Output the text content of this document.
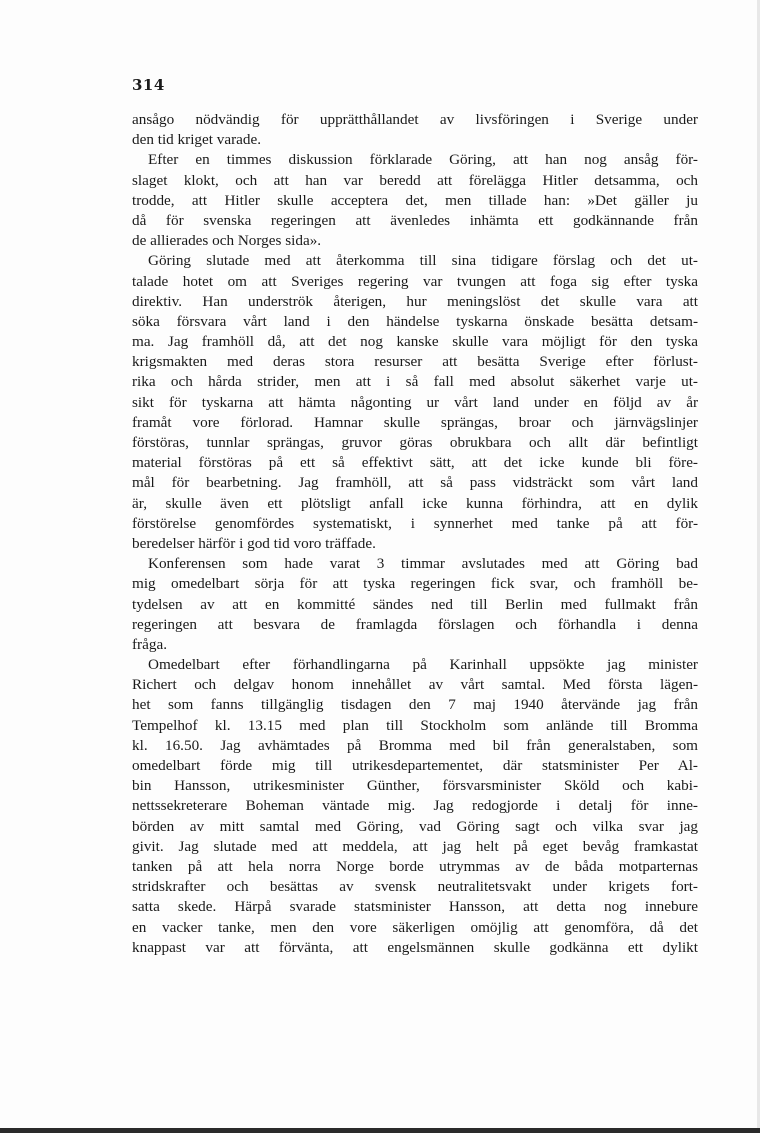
314
ansågo nödvändig för upprätthållandet av livsföringen i Sverige under
den tid kriget varade.
Efter en timmes diskussion förklarade Göring, att han nog ansåg för-
slaget klokt, och att han var beredd att förelägga Hitler detsamma, och
trodde, att Hitler skulle acceptera det, men tillade han: »Det gäller ju
då för svenska regeringen att ävenledes inhämta ett godkännande från
de allierades och Norges sida».
Göring slutade med att återkomma till sina tidigare förslag och det ut-
talade hotet om att Sveriges regering var tvungen att foga sig efter tyska
direktiv. Han underströk återigen, hur meningslöst det skulle vara att
söka försvara vårt land i den händelse tyskarna önskade besätta detsam-
ma. Jag framhöll då, att det nog kanske skulle vara möjligt för den tyska
krigsmakten med deras stora resurser att besätta Sverige efter förlust-
rika och hårda strider, men att i så fall med absolut säkerhet varje ut-
sikt för tyskarna att hämta någonting ur vårt land under en följd av år
framåt vore förlorad. Hamnar skulle sprängas, broar och järnvägslinjer
förstöras, tunnlar sprängas, gruvor göras obrukbara och allt där befintligt
material förstöras på ett så effektivt sätt, att det icke kunde bli före-
mål för bearbetning. Jag framhöll, att så pass vidsträckt som vårt land
är, skulle även ett plötsligt anfall icke kunna förhindra, att en dylik
förstörelse genomfördes systematiskt, i synnerhet med tanke på att för-
beredelser härför i god tid voro träffade.
Konferensen som hade varat 3 timmar avslutades med att Göring bad
mig omedelbart sörja för att tyska regeringen fick svar, och framhöll be-
tydelsen av att en kommitté sändes ned till Berlin med fullmakt från
regeringen att besvara de framlagda förslagen och förhandla i denna
fråga.
Omedelbart efter förhandlingarna på Karinhall uppsökte jag minister
Richert och delgav honom innehållet av vårt samtal. Med första lägen-
het som fanns tillgänglig tisdagen den 7 maj 1940 återvände jag från
Tempelhof kl. 13.15 med plan till Stockholm som anlände till Bromma
kl. 16.50. Jag avhämtades på Bromma med bil från generalstaben, som
omedelbart förde mig till utrikesdepartementet, där statsminister Per Al-
bin Hansson, utrikesminister Günther, försvarsminister Sköld och kabi-
nettssekreterare Boheman väntade mig. Jag redogjorde i detalj för inne-
börden av mitt samtal med Göring, vad Göring sagt och vilka svar jag
givit. Jag slutade med att meddela, att jag helt på eget bevåg framkastat
tanken på att hela norra Norge borde utrymmas av de båda motparternas
stridskrafter och besättas av svensk neutralitetsvakt under krigets fort-
satta skede. Härpå svarade statsminister Hansson, att detta nog innebure
en vacker tanke, men den vore säkerligen omöjlig att genomföra, då det
knappast var att förvänta, att engelsmännen skulle godkänna ett dylikt
